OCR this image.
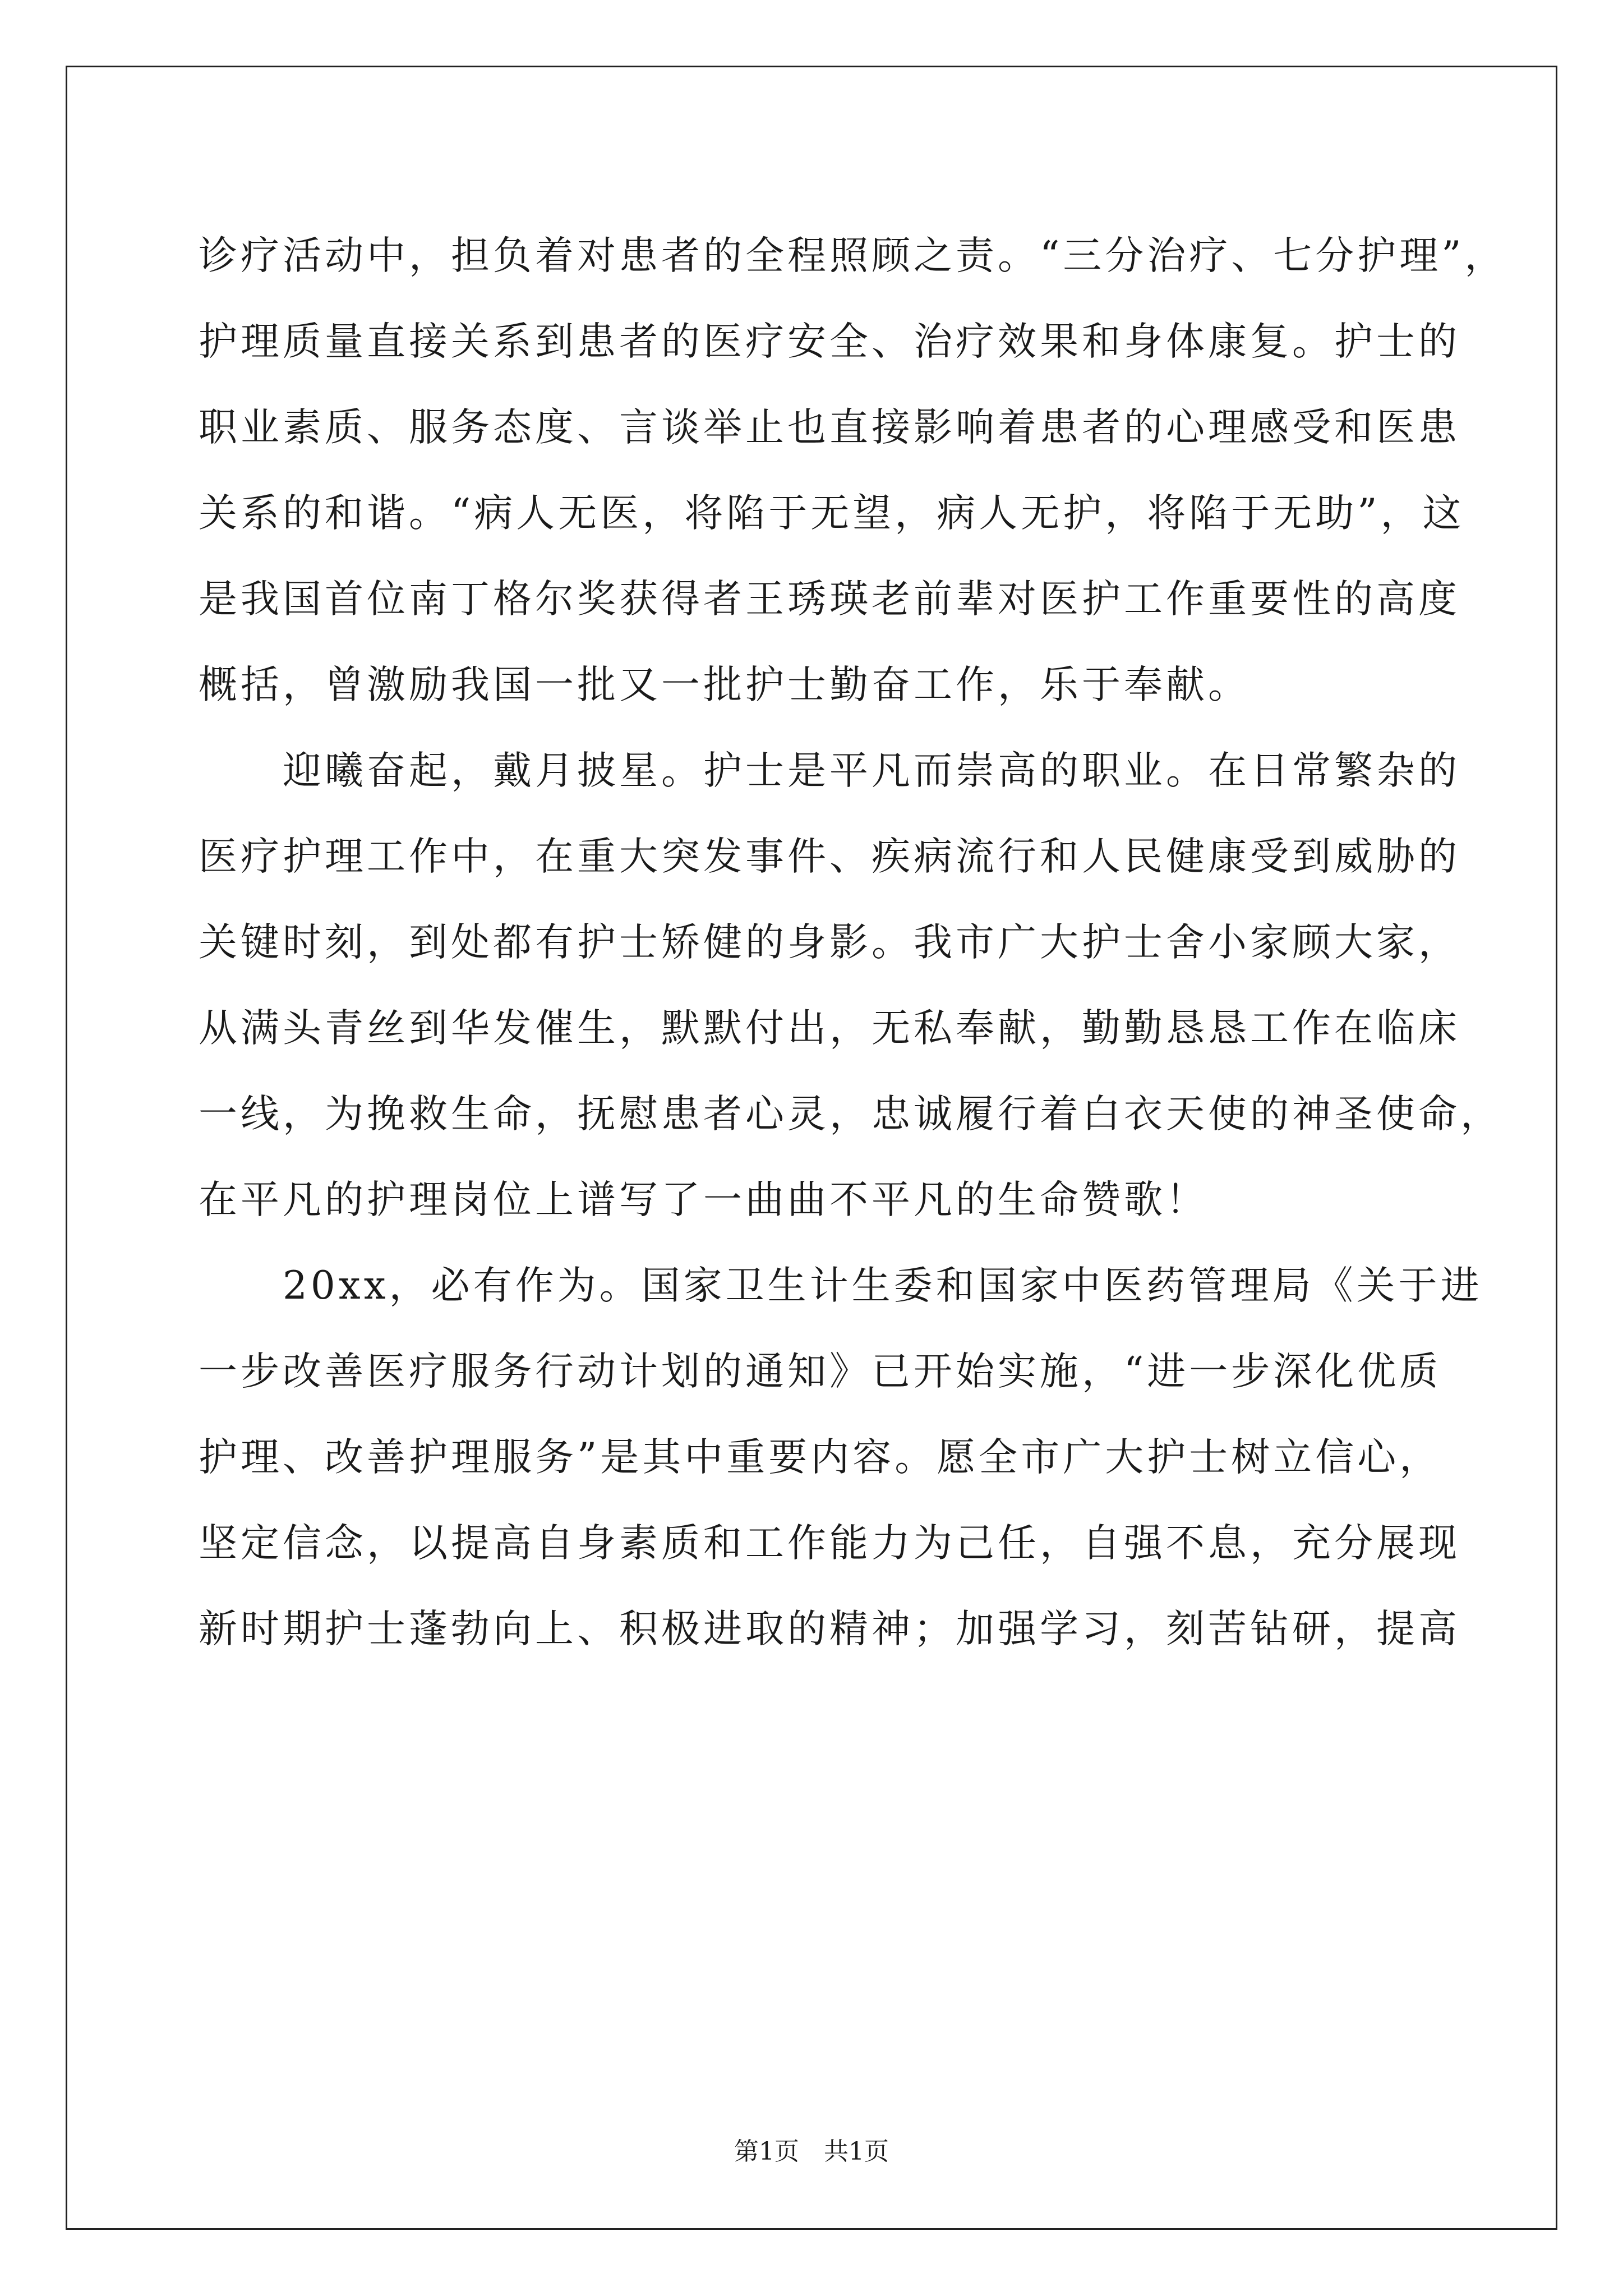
诊疗活动中，担负着对患者的全程照顾之责。“三分治疗、七分护理”，
护理质量直接关系到患者的医疗安全、治疗效果和身体康复。护士的
职业素质、服务态度、言谈举止也直接影响着患者的心理感受和医患
关系的和谐。“病人无医，将陷于无望，病人无护，将陷于无助”，这
是我国首位南丁格尔奖获得者王琇瑛老前辈对医护工作重要性的高度
概括，曾激励我国一批又一批护士勤奋工作，乐于奉献。
　　迎曦奋起，戴月披星。护士是平凡而崇高的职业。在日常繁杂的
医疗护理工作中，在重大突发事件、疾病流行和人民健康受到威胁的
关键时刻，到处都有护士矫健的身影。我市广大护士舍小家顾大家，
从满头青丝到华发催生，默默付出，无私奉献，勤勤恳恳工作在临床
一线，为挽救生命，抚慰患者心灵，忠诚履行着白衣天使的神圣使命，
在平凡的护理岗位上谱写了一曲曲不平凡的生命赞歌！
　　20xx，必有作为。国家卫生计生委和国家中医药管理局《关于进
一步改善医疗服务行动计划的通知》已开始实施，“进一步深化优质
护理、改善护理服务”是其中重要内容。愿全市广大护士树立信心，
坚定信念，以提高自身素质和工作能力为己任，自强不息，充分展现
新时期护士蓬勃向上、积极进取的精神；加强学习，刻苦钻研，提高
第1页　共1页
